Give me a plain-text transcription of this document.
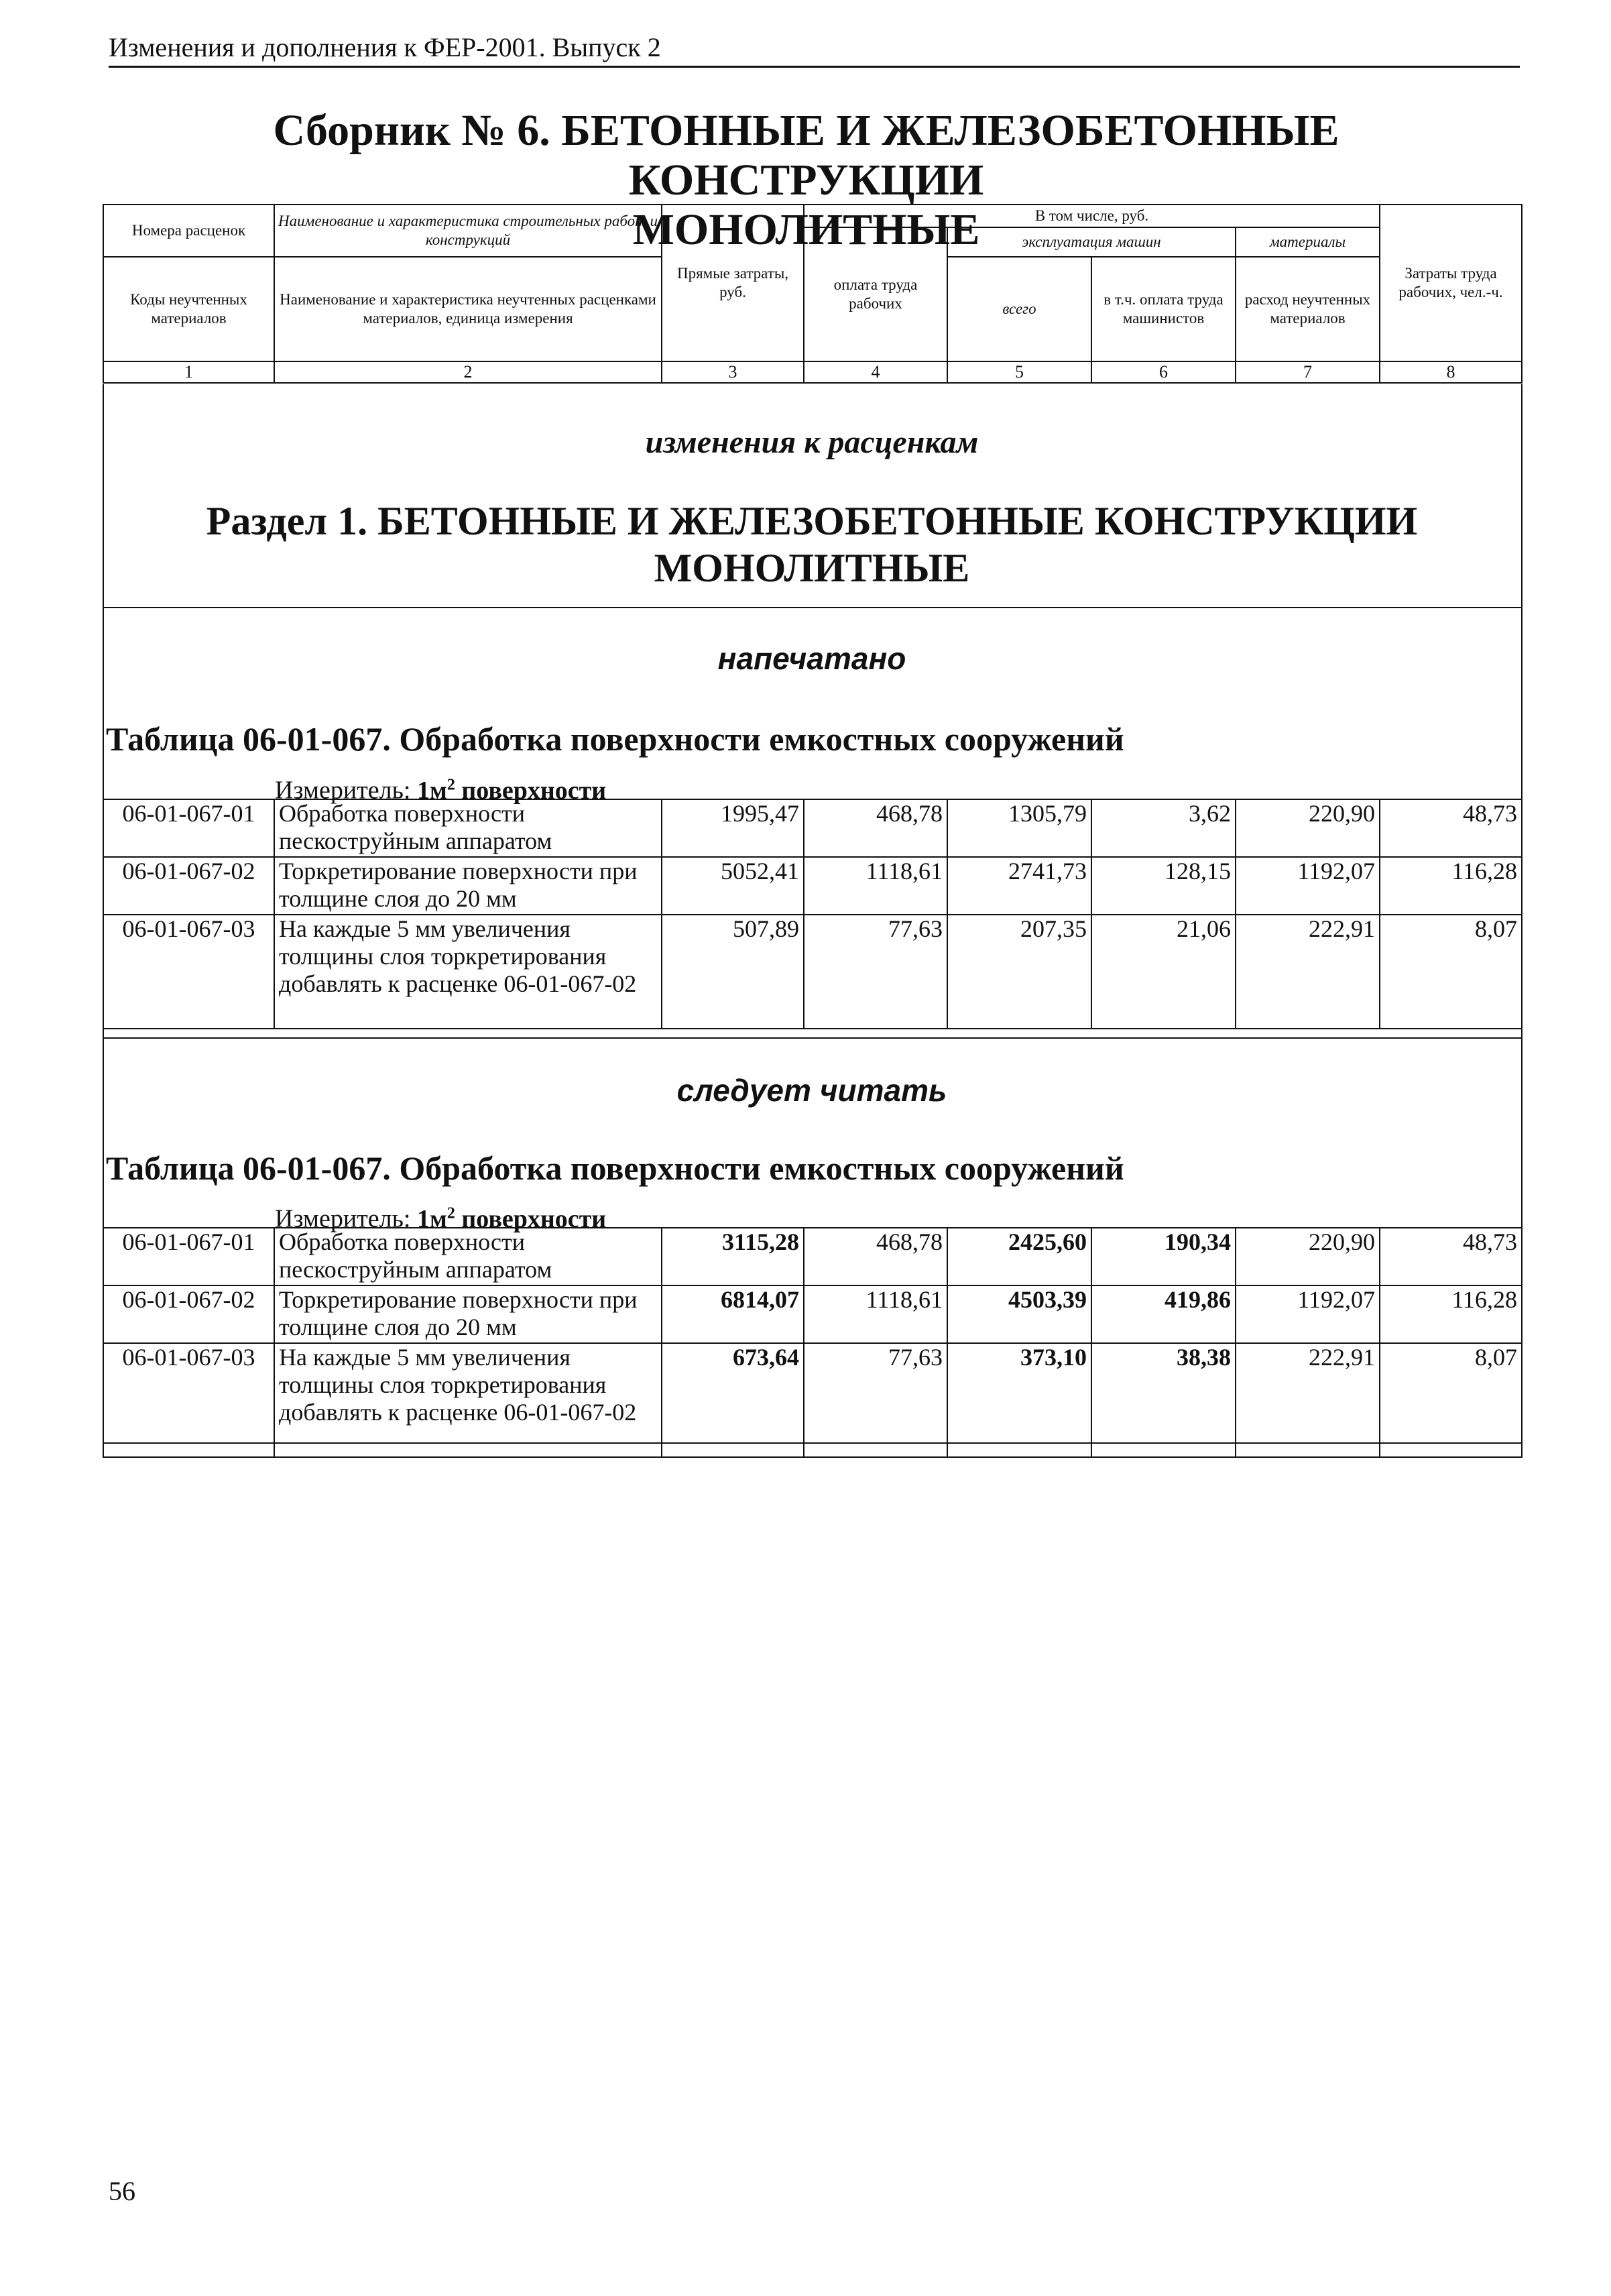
Изменения и дополнения к ФЕР-2001. Выпуск 2
Сборник № 6. БЕТОННЫЕ И ЖЕЛЕЗОБЕТОННЫЕ КОНСТРУКЦИИ
МОНОЛИТНЫЕ
Номера расценок	Наименование и характеристика строительных работ и конструкций	Прямые затраты, руб.	В том числе, руб.				Затраты труда рабочих, чел.-ч.
			оплата труда рабочих	эксплуатация машин		материалы	
Коды неучтенных материалов	Наименование и характеристика неучтенных расценками материалов, единица измерения			всего	в т.ч. оплата труда машинистов	расход неучтенных материалов	
1	2	3	4	5	6	7	8
изменения к расценкам
Раздел 1. БЕТОННЫЕ И ЖЕЛЕЗОБЕТОННЫЕ КОНСТРУКЦИИ
МОНОЛИТНЫЕ
напечатано
Таблица 06-01-067. Обработка поверхности емкостных сооружений
Измеритель: $1м^2$ поверхности
06-01-067-01	Обработка поверхности пескоструйным аппаратом	1995,47	468,78	1305,79	3,62	220,90	48,73
06-01-067-02	Торкретирование поверхности при толщине слоя до 20 мм	5052,41	1118,61	2741,73	128,15	1192,07	116,28
06-01-067-03	На каждые 5 мм увеличения толщины слоя торкретирования добавлять к расценке 06-01-067-02	507,89	77,63	207,35	21,06	222,91	8,07
следует читать
Таблица 06-01-067. Обработка поверхности емкостных сооружений
Измеритель: $1м^2$ поверхности
06-01-067-01	Обработка поверхности пескоструйным аппаратом	3115,28	468,78	2425,60	190,34	220,90	48,73
06-01-067-02	Торкретирование поверхности при толщине слоя до 20 мм	6814,07	1118,61	4503,39	419,86	1192,07	116,28
06-01-067-03	На каждые 5 мм увеличения толщины слоя торкретирования добавлять к расценке 06-01-067-02	673,64	77,63	373,10	38,38	222,91	8,07
56
